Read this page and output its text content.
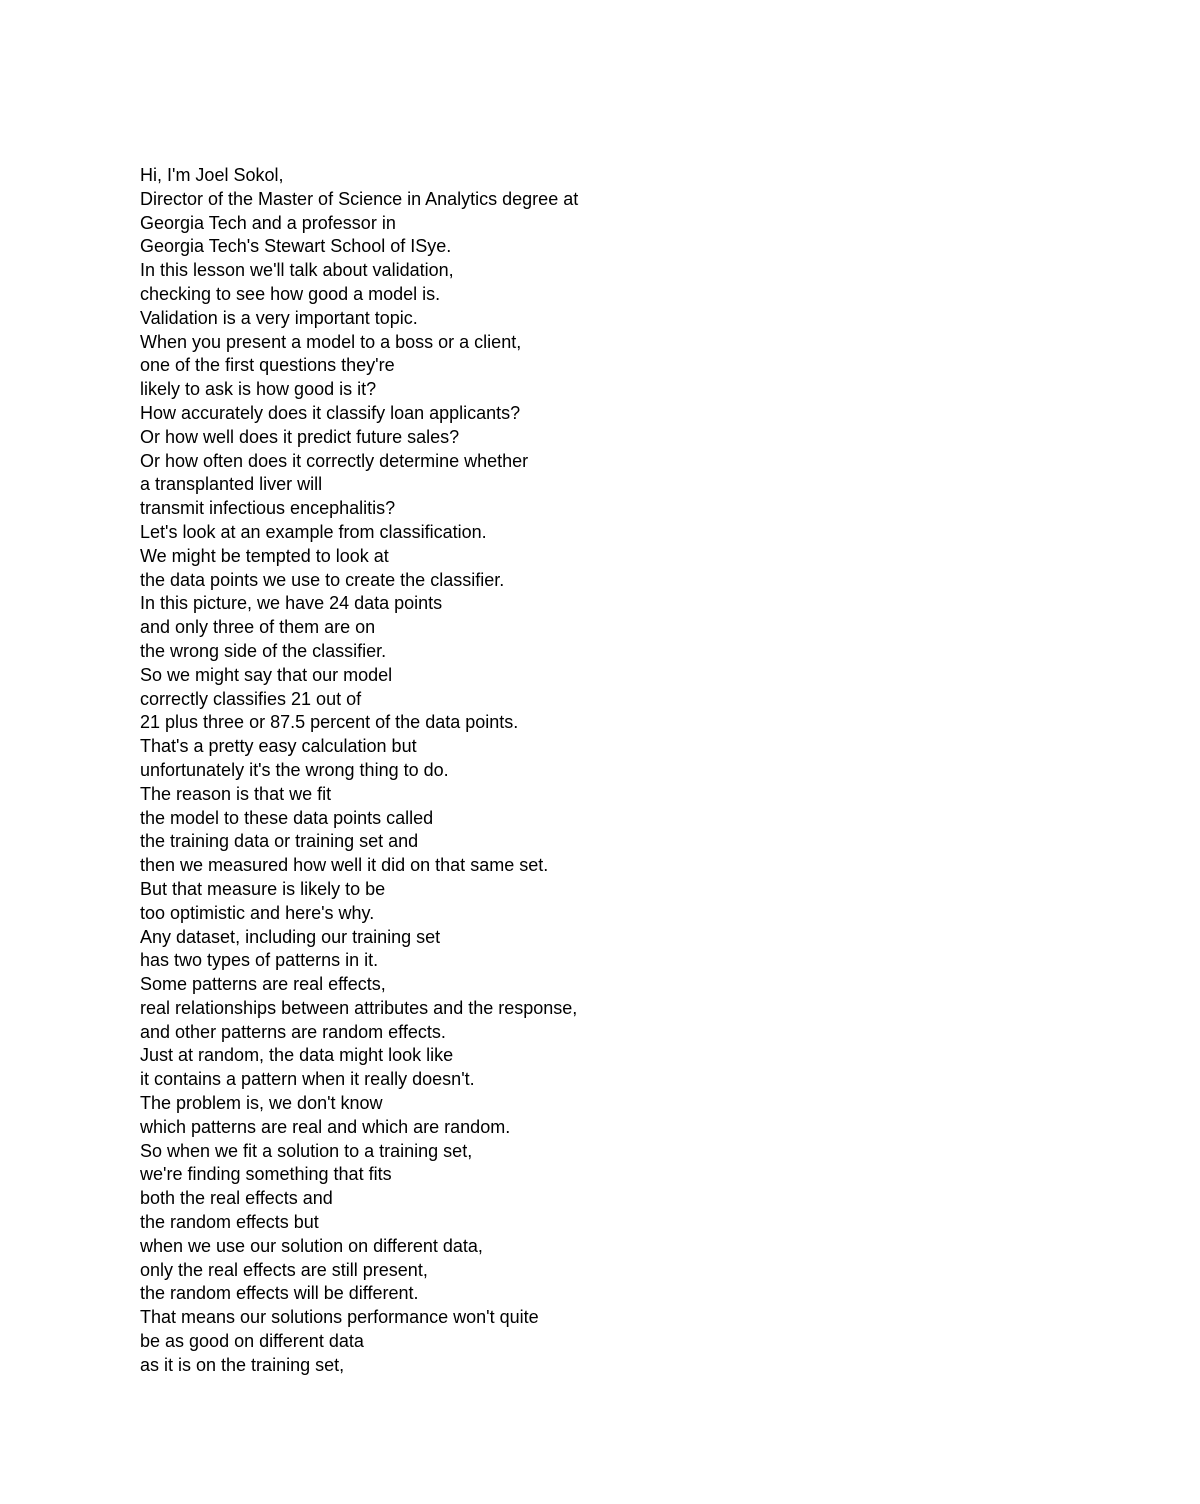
Hi, I'm Joel Sokol,
Director of the Master of Science in Analytics degree at
Georgia Tech and a professor in
Georgia Tech's Stewart School of ISye.
In this lesson we'll talk about validation,
checking to see how good a model is.
Validation is a very important topic.
When you present a model to a boss or a client,
one of the first questions they're
likely to ask is how good is it?
How accurately does it classify loan applicants?
Or how well does it predict future sales?
Or how often does it correctly determine whether
a transplanted liver will
transmit infectious encephalitis?
Let's look at an example from classification.
We might be tempted to look at
the data points we use to create the classifier.
In this picture, we have 24 data points
and only three of them are on
the wrong side of the classifier.
So we might say that our model
correctly classifies 21 out of
21 plus three or 87.5 percent of the data points.
That's a pretty easy calculation but
unfortunately it's the wrong thing to do.
The reason is that we fit
the model to these data points called
the training data or training set and
then we measured how well it did on that same set.
But that measure is likely to be
too optimistic and here's why.
Any dataset, including our training set
has two types of patterns in it.
Some patterns are real effects,
real relationships between attributes and the response,
and other patterns are random effects.
Just at random, the data might look like
it contains a pattern when it really doesn't.
The problem is, we don't know
which patterns are real and which are random.
So when we fit a solution to a training set,
we're finding something that fits
both the real effects and
the random effects but
when we use our solution on different data,
only the real effects are still present,
the random effects will be different.
That means our solutions performance won't quite
be as good on different data
as it is on the training set,
